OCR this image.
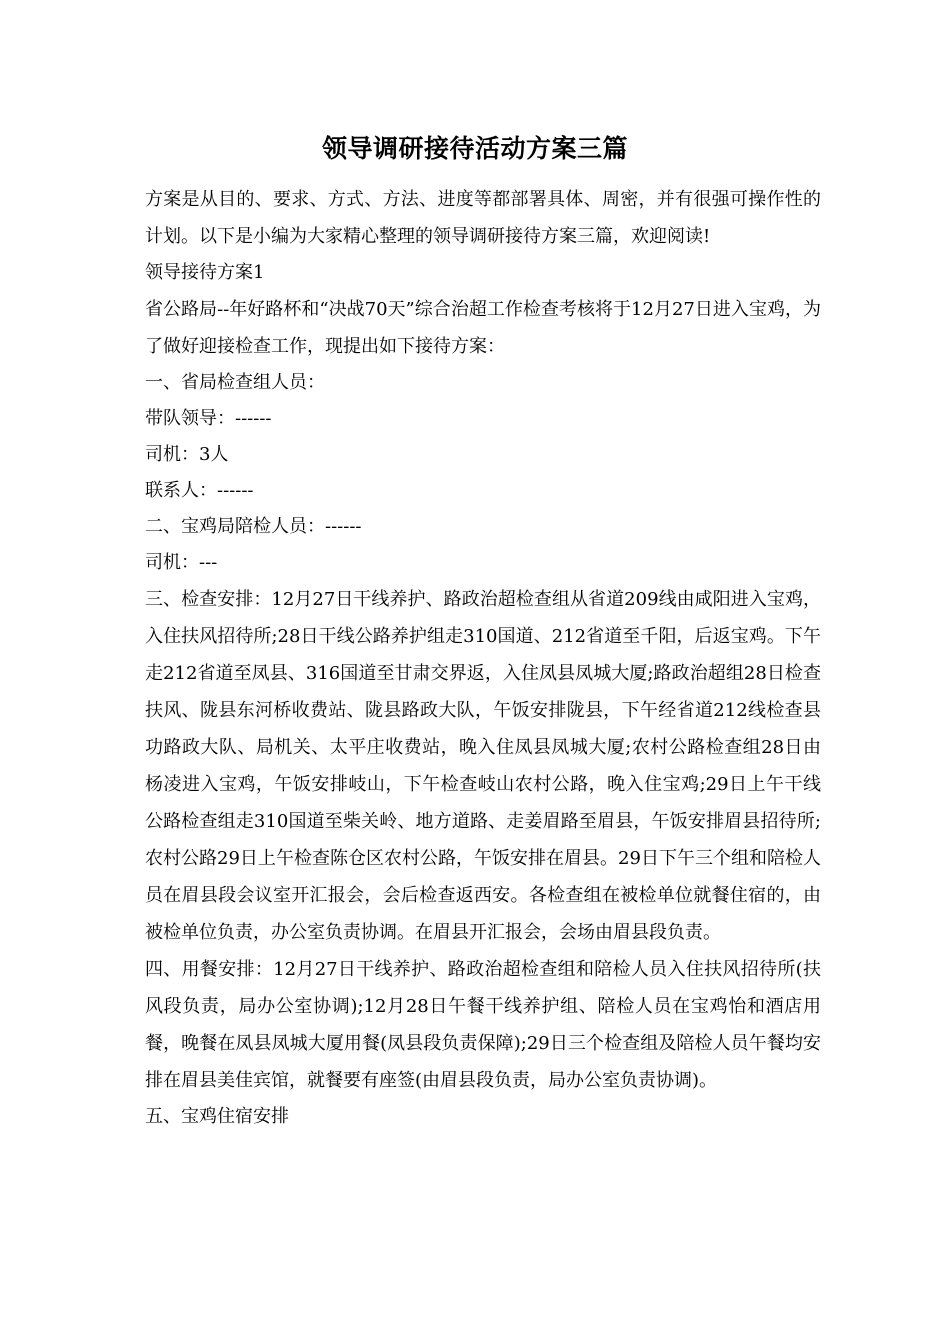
领导调研接待活动方案三篇

方案是从目的、要求、方式、方法、进度等都部署具体、周密，并有很强可操作性的计划。以下是小编为大家精心整理的领导调研接待方案三篇，欢迎阅读!

领导接待方案1

省公路局--年好路杯和“决战70天”综合治超工作检查考核将于12月27日进入宝鸡，为了做好迎接检查工作，现提出如下接待方案：

一、省局检查组人员：

带队领导：------

司机：3人

联系人：------

二、宝鸡局陪检人员：------

司机：---

三、检查安排：12月27日干线养护、路政治超检查组从省道209线由咸阳进入宝鸡，入住扶风招待所;28日干线公路养护组走310国道、212省道至千阳，后返宝鸡。下午走212省道至凤县、316国道至甘肃交界返，入住凤县凤城大厦;路政治超组28日检查扶风、陇县东河桥收费站、陇县路政大队，午饭安排陇县，下午经省道212线检查县功路政大队、局机关、太平庄收费站，晚入住凤县凤城大厦;农村公路检查组28日由杨凌进入宝鸡，午饭安排岐山，下午检查岐山农村公路，晚入住宝鸡;29日上午干线公路检查组走310国道至柴关岭、地方道路、走姜眉路至眉县，午饭安排眉县招待所;农村公路29日上午检查陈仓区农村公路，午饭安排在眉县。29日下午三个组和陪检人员在眉县段会议室开汇报会，会后检查返西安。各检查组在被检单位就餐住宿的，由被检单位负责，办公室负责协调。在眉县开汇报会，会场由眉县段负责。

四、用餐安排：12月27日干线养护、路政治超检查组和陪检人员入住扶风招待所(扶风段负责，局办公室协调);12月28日午餐干线养护组、陪检人员在宝鸡怡和酒店用餐，晚餐在凤县凤城大厦用餐(凤县段负责保障);29日三个检查组及陪检人员午餐均安排在眉县美佳宾馆，就餐要有座签(由眉县段负责，局办公室负责协调)。

五、宝鸡住宿安排
